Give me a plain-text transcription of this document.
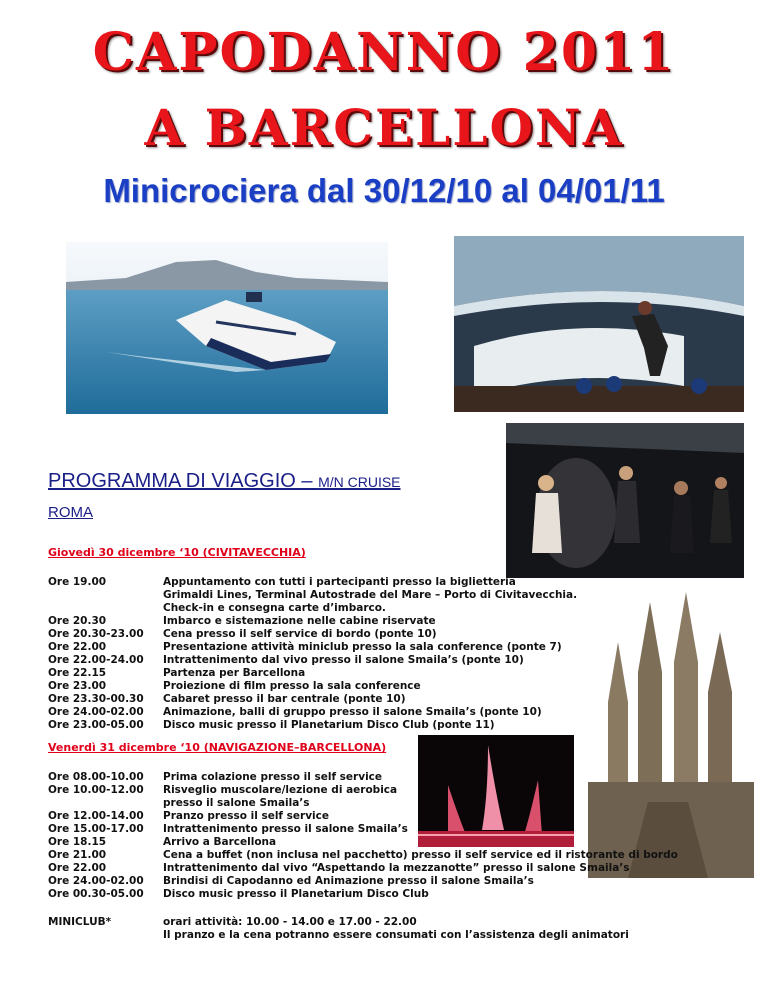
CAPODANNO 2011
A BARCELLONA
Minicrociera dal 30/12/10 al 04/01/11
PROGRAMMA DI VIAGGIO – M/N CRUISE
ROMA
Giovedì 30 dicembre ‘10 (CIVITAVECCHIA)
Ore 19.00	Appuntamento con tutti i partecipanti presso la biglietteria
Grimaldi Lines, Terminal Autostrade del Mare – Porto di Civitavecchia.
Check-in e consegna carte d’imbarco.
Ore 20.30	Imbarco e sistemazione nelle cabine riservate
Ore 20.30-23.00 Cena presso il self service di bordo (ponte 10)
Ore 22.00	Presentazione attività miniclub presso la sala conference (ponte 7)
Ore 22.00-24.00 Intrattenimento dal vivo presso il salone Smaila’s (ponte 10)
Ore 22.15	Partenza per Barcellona
Ore 23.00	Proiezione di film presso la sala conference
Ore 23.30-00.30 Cabaret presso il bar centrale (ponte 10)
Ore 24.00-02.00 Animazione, balli di gruppo presso il salone Smaila’s (ponte 10)
Ore 23.00-05.00 Disco music presso il Planetarium Disco Club (ponte 11)
Venerdì 31 dicembre ‘10 (NAVIGAZIONE–BARCELLONA)
Ore 08.00-10.00 Prima colazione presso il self service
Ore 10.00-12.00 Risveglio muscolare/lezione di aerobica
presso il salone Smaila’s
Ore 12.00-14.00 Pranzo presso il self service
Ore 15.00-17.00 Intrattenimento presso il salone Smaila’s
Ore 18.15	Arrivo a Barcellona
Ore 21.00	Cena a buffet (non inclusa nel pacchetto) presso il self service ed il ristorante di bordo
Ore 22.00	Intrattenimento dal vivo “Aspettando la mezzanotte” presso il salone Smaila’s
Ore 24.00-02.00 Brindisi di Capodanno ed Animazione presso il salone Smaila’s
Ore 00.30-05.00 Disco music presso il Planetarium Disco Club
MINICLUB*	orari attività: 10.00 - 14.00 e 17.00 - 22.00
Il pranzo e la cena potranno essere consumati con l’assistenza degli animatori
